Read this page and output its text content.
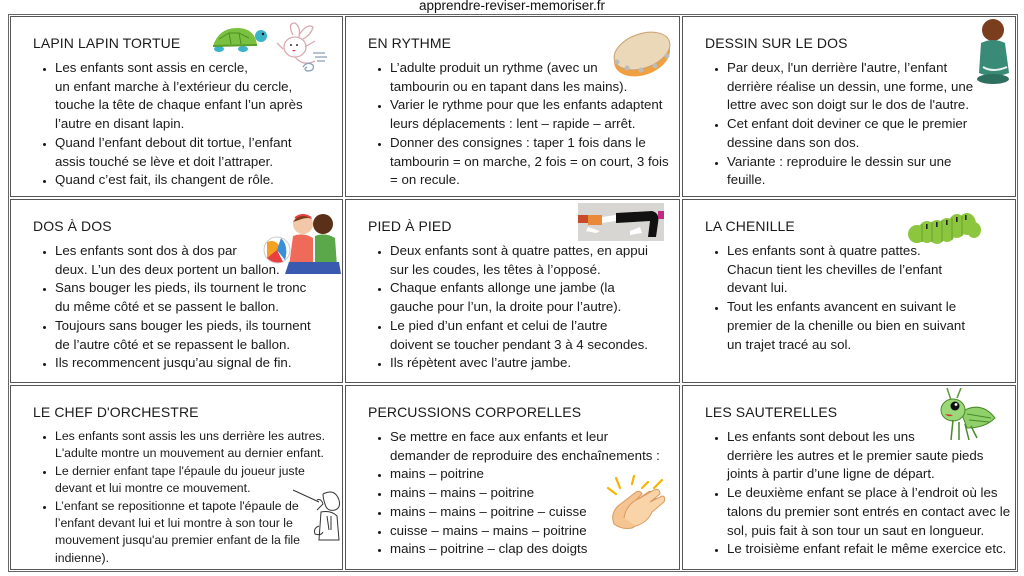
apprendre-reviser-memoriser.fr
LAPIN LAPIN TORTUE
• Les enfants sont assis en cercle,
un enfant marche à l’extérieur du cercle,
touche la tête de chaque enfant l’un après
l’autre en disant lapin.
• Quand l’enfant debout dit tortue, l’enfant
assis touché se lève et doit l’attraper.
• Quand c’est fait, ils changent de rôle.
EN RYTHME
• L’adulte produit un rythme (avec un
tambourin ou en tapant dans les mains).
• Varier le rythme pour que les enfants adaptent
leurs déplacements : lent – rapide – arrêt.
• Donner des consignes : taper 1 fois dans le
tambourin = on marche, 2 fois = on court, 3 fois
= on recule.
DESSIN SUR LE DOS
• Par deux, l'un derrière l'autre, l’enfant
derrière réalise un dessin, une forme, une
lettre avec son doigt sur le dos de l'autre.
• Cet enfant doit deviner ce que le premier
dessine dans son dos.
• Variante : reproduire le dessin sur une
feuille.
DOS À DOS
• Les enfants sont dos à dos par
deux. L’un des deux portent un ballon.
• Sans bouger les pieds, ils tournent le tronc
du même côté et se passent le ballon.
• Toujours sans bouger les pieds, ils tournent
de l’autre côté et se repassent le ballon.
• Ils recommencent jusqu’au signal de fin.
PIED À PIED
• Deux enfants sont à quatre pattes, en appui
sur les coudes, les têtes à l’opposé.
• Chaque enfants allonge une jambe (la
gauche pour l’un, la droite pour l’autre).
• Le pied d’un enfant et celui de l’autre
doivent se toucher pendant 3 à 4 secondes.
• Ils répètent avec l’autre jambe.
LA CHENILLE
• Les enfants sont à quatre pattes.
Chacun tient les chevilles de l’enfant
devant lui.
• Tout les enfants avancent en suivant le
premier de la chenille ou bien en suivant
un trajet tracé au sol.
LE CHEF D'ORCHESTRE
• Les enfants sont assis les uns derrière les autres.
L'adulte montre un mouvement au dernier enfant.
• Le dernier enfant tape l'épaule du joueur juste
devant et lui montre ce mouvement.
• L’enfant se repositionne et tapote l'épaule de
l’enfant devant lui et lui montre à son tour le
mouvement jusqu'au premier enfant de la file
indienne).
PERCUSSIONS CORPORELLES
• Se mettre en face aux enfants et leur
demander de reproduire des enchaînements :
• mains – poitrine
• mains – mains – poitrine
• mains – mains – poitrine – cuisse
• cuisse – mains – mains – poitrine
• mains – poitrine – clap des doigts
LES SAUTERELLES
• Les enfants sont debout les uns
derrière les autres et le premier saute pieds
joints à partir d’une ligne de départ.
• Le deuxième enfant se place à l’endroit où les
talons du premier sont entrés en contact avec le
sol, puis fait à son tour un saut en longueur.
• Le troisième enfant refait le même exercice etc.
